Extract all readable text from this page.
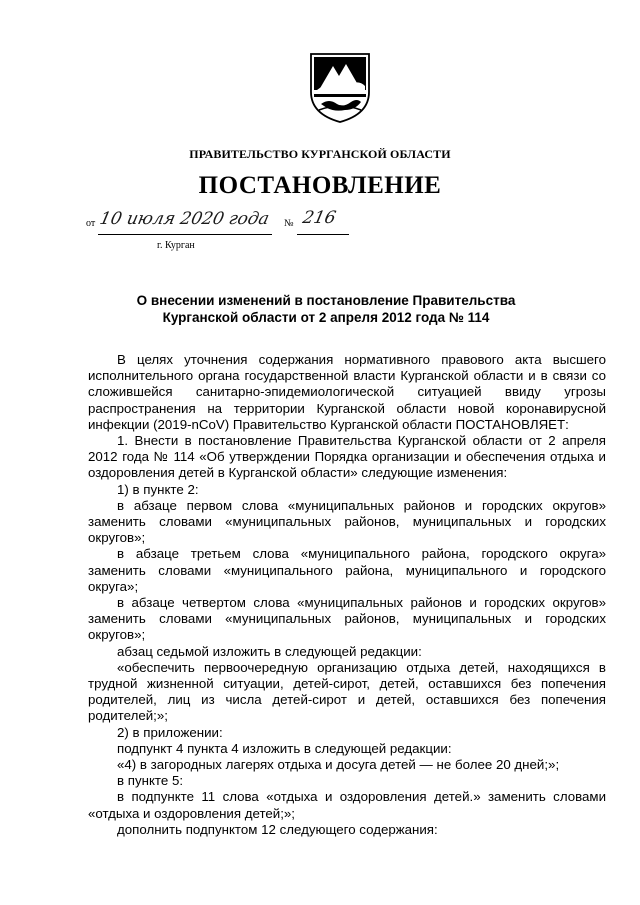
ПРАВИТЕЛЬСТВО КУРГАНСКОЙ ОБЛАСТИ
ПОСТАНОВЛЕНИЕ
от 10 июля 2020 года № 216
г. Курган
О внесении изменений в постановление Правительства Курганской области от 2 апреля 2012 года № 114

В целях уточнения содержания нормативного правового акта высшего исполнительного органа государственной власти Курганской области и в связи со сложившейся санитарно-эпидемиологической ситуацией ввиду угрозы распространения на территории Курганской области новой коронавирусной инфекции (2019-nCoV) Правительство Курганской области ПОСТАНОВЛЯЕТ:

1. Внести в постановление Правительства Курганской области от 2 апреля 2012 года № 114 «Об утверждении Порядка организации и обеспечения отдыха и оздоровления детей в Курганской области» следующие изменения:

1) в пункте 2:

в абзаце первом слова «муниципальных районов и городских округов» заменить словами «муниципальных районов, муниципальных и городских округов»;

в абзаце третьем слова «муниципального района, городского округа» заменить словами «муниципального района, муниципального и городского округа»;

в абзаце четвертом слова «муниципальных районов и городских округов» заменить словами «муниципальных районов, муниципальных и городских округов»;

абзац седьмой изложить в следующей редакции:

«обеспечить первоочередную организацию отдыха детей, находящихся в трудной жизненной ситуации, детей-сирот, детей, оставшихся без попечения родителей, лиц из числа детей-сирот и детей, оставшихся без попечения родителей;»;

2) в приложении:

подпункт 4 пункта 4 изложить в следующей редакции:

«4) в загородных лагерях отдыха и досуга детей — не более 20 дней;»;

в пункте 5:

в подпункте 11 слова «отдыха и оздоровления детей.» заменить словами «отдыха и оздоровления детей;»;

дополнить подпунктом 12 следующего содержания:
